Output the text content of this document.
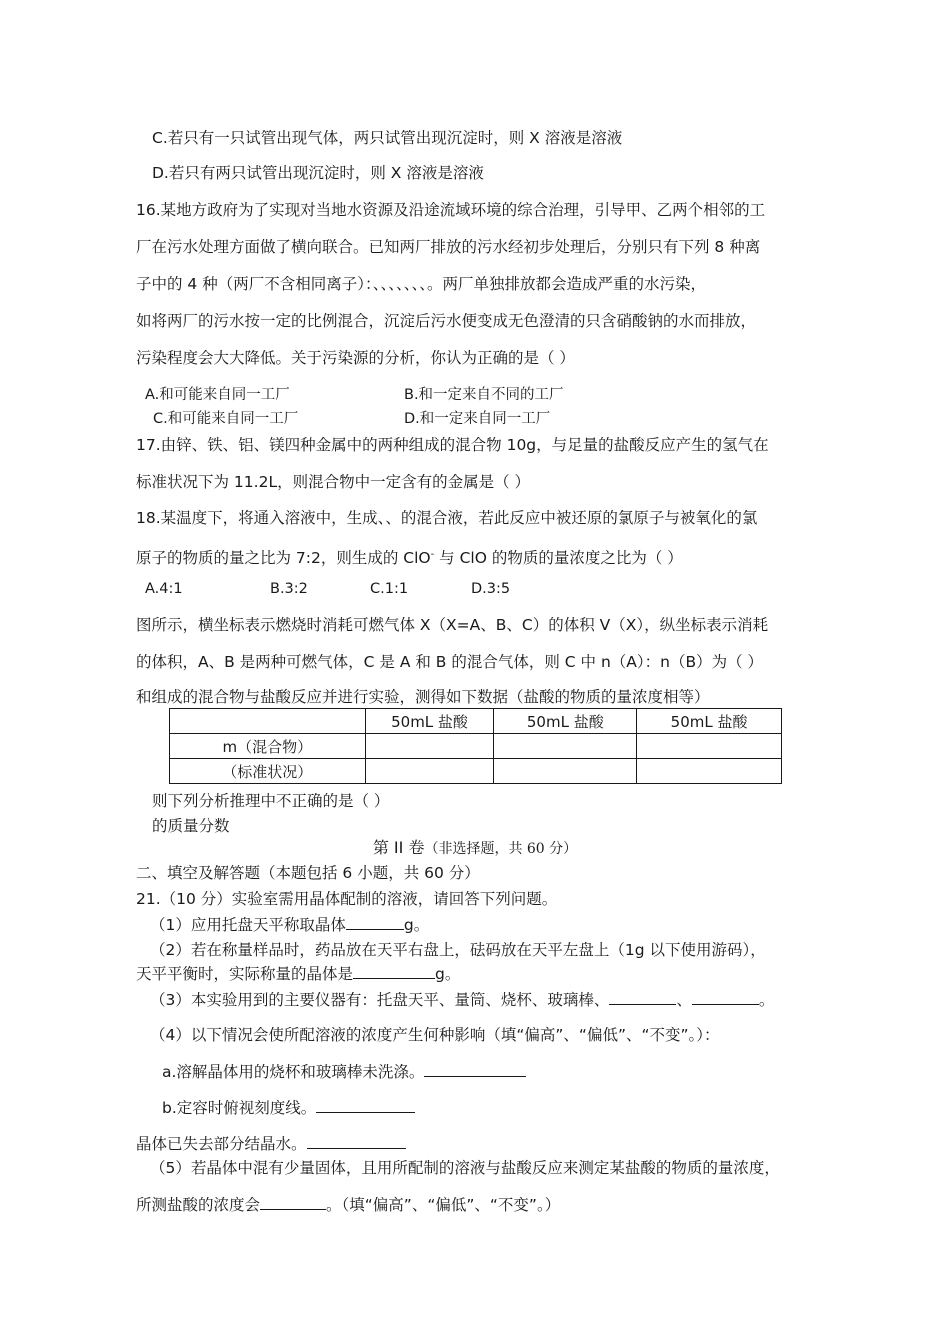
C.若只有一只试管出现气体，两只试管出现沉淀时，则 X 溶液是溶液
D.若只有两只试管出现沉淀时，则 X 溶液是溶液
16.某地方政府为了实现对当地水资源及沿途流域环境的综合治理，引导甲、乙两个相邻的工
厂在污水处理方面做了横向联合。已知两厂排放的污水经初步处理后，分别只有下列 8 种离
子中的 4 种（两厂不含相同离子）：、、、、、、、。两厂单独排放都会造成严重的水污染，
如将两厂的污水按一定的比例混合，沉淀后污水便变成无色澄清的只含硝酸钠的水而排放，
污染程度会大大降低。关于污染源的分析，你认为正确的是（ ）
A.和可能来自同一工厂	B.和一定来自不同的工厂
C.和可能来自同一工厂	D.和一定来自同一工厂
17.由锌、铁、铝、镁四种金属中的两种组成的混合物 10g，与足量的盐酸反应产生的氢气在
标准状况下为 11.2L，则混合物中一定含有的金属是（ ）
18.某温度下，将通入溶液中，生成、、的混合液，若此反应中被还原的氯原子与被氧化的氯
原子的物质的量之比为 7:2，则生成的 ClO- 与 ClO 的物质的量浓度之比为（ ）
A.4:1	B.3:2	C.1:1	D.3:5
图所示，横坐标表示燃烧时消耗可燃气体 X（X=A、B、C）的体积 V（X），纵坐标表示消耗
的体积，A、B 是两种可燃气体，C 是 A 和 B 的混合气体，则 C 中 n（A）：n（B）为（ ）
和组成的混合物与盐酸反应并进行实验，测得如下数据（盐酸的物质的量浓度相等）
	50mL 盐酸	50mL 盐酸	50mL 盐酸
m（混合物）			
（标准状况）			
则下列分析推理中不正确的是（ ）
的质量分数
第 II 卷（非选择题，共 60 分）
二、填空及解答题（本题包括 6 小题，共 60 分）
21.（10 分）实验室需用晶体配制的溶液，请回答下列问题。
（1）应用托盘天平称取晶体	g。
（2）若在称量样品时，药品放在天平右盘上，砝码放在天平左盘上（1g 以下使用游码），
天平平衡时，实际称量的晶体是	g。
（3）本实验用到的主要仪器有：托盘天平、量筒、烧杯、玻璃棒、	、	。
（4）以下情况会使所配溶液的浓度产生何种影响（填“偏高”、“偏低”、“不变”。）：
a.溶解晶体用的烧杯和玻璃棒未洗涤。
b.定容时俯视刻度线。
晶体已失去部分结晶水。
（5）若晶体中混有少量固体，且用所配制的溶液与盐酸反应来测定某盐酸的物质的量浓度，
所测盐酸的浓度会	。（填“偏高”、“偏低”、“不变”。）
